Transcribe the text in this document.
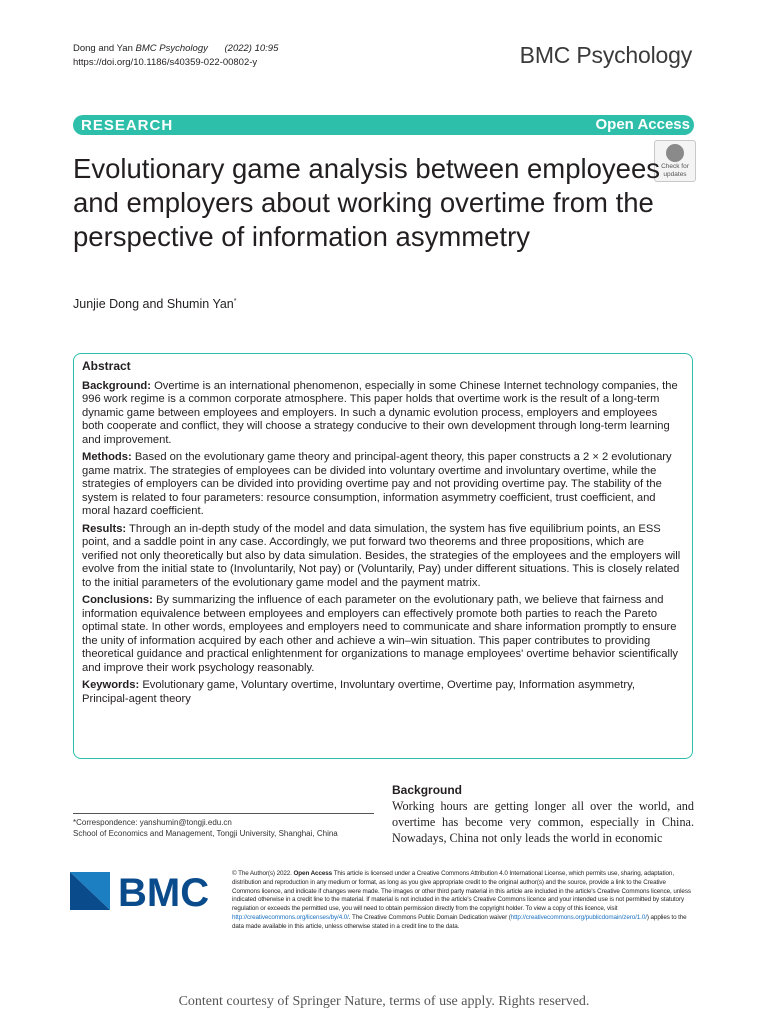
Dong and Yan BMC Psychology (2022) 10:95
https://doi.org/10.1186/s40359-022-00802-y	BMC Psychology
RESEARCH	Open Access
Check for
updates
Evolutionary game analysis between employees and employers about working overtime from the perspective of information asymmetry
Junjie Dong and Shumin Yan*
Abstract

Background: Overtime is an international phenomenon, especially in some Chinese Internet technology companies, the 996 work regime is a common corporate atmosphere. This paper holds that overtime work is the result of a long-term dynamic game between employees and employers. In such a dynamic evolution process, employers and employees both cooperate and conflict, they will choose a strategy conducive to their own development through long-term learning and improvement.

Methods: Based on the evolutionary game theory and principal-agent theory, this paper constructs a 2 × 2 evolutionary game matrix. The strategies of employees can be divided into voluntary overtime and involuntary overtime, while the strategies of employers can be divided into providing overtime pay and not providing overtime pay. The stability of the system is related to four parameters: resource consumption, information asymmetry coefficient, trust coefficient, and moral hazard coefficient.

Results: Through an in-depth study of the model and data simulation, the system has five equilibrium points, an ESS point, and a saddle point in any case. Accordingly, we put forward two theorems and three propositions, which are verified not only theoretically but also by data simulation. Besides, the strategies of the employees and the employers will evolve from the initial state to (Involuntarily, Not pay) or (Voluntarily, Pay) under different situations. This is closely related to the initial parameters of the evolutionary game model and the payment matrix.

Conclusions: By summarizing the influence of each parameter on the evolutionary path, we believe that fairness and information equivalence between employees and employers can effectively promote both parties to reach the Pareto optimal state. In other words, employees and employers need to communicate and share information promptly to ensure the unity of information acquired by each other and achieve a win–win situation. This paper contributes to providing theoretical guidance and practical enlightenment for organizations to manage employees' overtime behavior scientifically and improve their work psychology reasonably.

Keywords: Evolutionary game, Voluntary overtime, Involuntary overtime, Overtime pay, Information asymmetry, Principal-agent theory

Background
Working hours are getting longer all over the world, and overtime has become very common, especially in China. Nowadays, China not only leads the world in economic
*Correspondence: yanshumin@tongji.edu.cn
School of Economics and Management, Tongji University, Shanghai, China
BMC	© The Author(s) 2022. Open Access This article is licensed under a Creative Commons Attribution 4.0 International License, which permits use, sharing, adaptation, distribution and reproduction in any medium or format, as long as you give appropriate credit to the original author(s) and the source, provide a link to the Creative Commons licence, and indicate if changes were made. The images or other third party material in this article are included in the article's Creative Commons licence, unless indicated otherwise in a credit line to the material. If material is not included in the article's Creative Commons licence and your intended use is not permitted by statutory regulation or exceeds the permitted use, you will need to obtain permission directly from the copyright holder. To view a copy of this licence, visit http://creativecommons.org/licenses/by/4.0/. The Creative Commons Public Domain Dedication waiver (http://creativecommons.org/publicdomain/zero/1.0/) applies to the data made available in this article, unless otherwise stated in a credit line to the data.
Content courtesy of Springer Nature, terms of use apply. Rights reserved.
